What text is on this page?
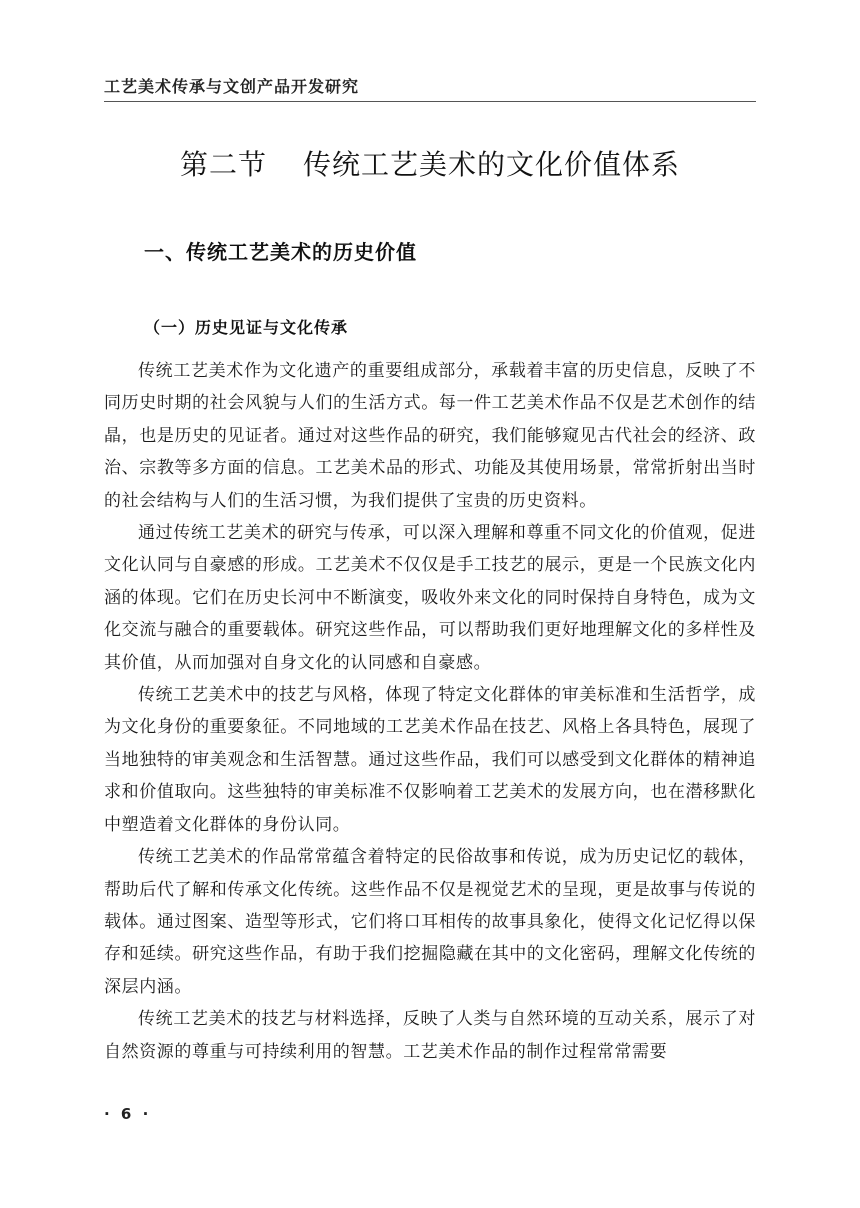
工艺美术传承与文创产品开发研究
第二节 传统工艺美术的文化价值体系
一、传统工艺美术的历史价值
（一）历史见证与文化传承

传统工艺美术作为文化遗产的重要组成部分，承载着丰富的历史信息，反映了不同历史时期的社会风貌与人们的生活方式。每一件工艺美术作品不仅是艺术创作的结晶，也是历史的见证者。通过对这些作品的研究，我们能够窥见古代社会的经济、政治、宗教等多方面的信息。工艺美术品的形式、功能及其使用场景，常常折射出当时的社会结构与人们的生活习惯，为我们提供了宝贵的历史资料。

通过传统工艺美术的研究与传承，可以深入理解和尊重不同文化的价值观，促进文化认同与自豪感的形成。工艺美术不仅仅是手工技艺的展示，更是一个民族文化内涵的体现。它们在历史长河中不断演变，吸收外来文化的同时保持自身特色，成为文化交流与融合的重要载体。研究这些作品，可以帮助我们更好地理解文化的多样性及其价值，从而加强对自身文化的认同感和自豪感。

传统工艺美术中的技艺与风格，体现了特定文化群体的审美标准和生活哲学，成为文化身份的重要象征。不同地域的工艺美术作品在技艺、风格上各具特色，展现了当地独特的审美观念和生活智慧。通过这些作品，我们可以感受到文化群体的精神追求和价值取向。这些独特的审美标准不仅影响着工艺美术的发展方向，也在潜移默化中塑造着文化群体的身份认同。

传统工艺美术的作品常常蕴含着特定的民俗故事和传说，成为历史记忆的载体，帮助后代了解和传承文化传统。这些作品不仅是视觉艺术的呈现，更是故事与传说的载体。通过图案、造型等形式，它们将口耳相传的故事具象化，使得文化记忆得以保存和延续。研究这些作品，有助于我们挖掘隐藏在其中的文化密码，理解文化传统的深层内涵。

传统工艺美术的技艺与材料选择，反映了人类与自然环境的互动关系，展示了对自然资源的尊重与可持续利用的智慧。工艺美术作品的制作过程常常需要

· 6 ·
